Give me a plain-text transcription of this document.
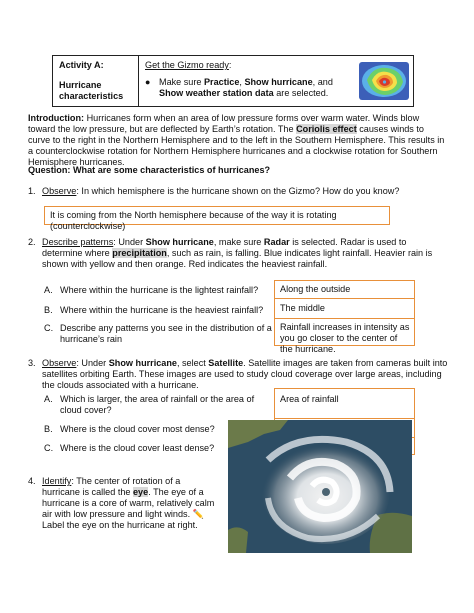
Activity A:
Hurricane characteristics
Get the Gizmo ready:
● Make sure Practice, Show hurricane, and Show weather station data are selected.
Introduction: Hurricanes form when an area of low pressure forms over warm water. Winds blow toward the low pressure, but are deflected by Earth’s rotation. The Coriolis effect causes winds to curve to the right in the Northern Hemisphere and to the left in the Southern Hemisphere. This results in a counterclockwise rotation for Northern Hemisphere hurricanes and a clockwise rotation for Southern Hemisphere hurricanes.
Question: What are some characteristics of hurricanes?
1. Observe: In which hemisphere is the hurricane shown on the Gizmo? How do you know?
It is coming from the North hemisphere because of the way it is rotating (counterclockwise)
2. Describe patterns: Under Show hurricane, make sure Radar is selected. Radar is used to determine where precipitation, such as rain, is falling. Blue indicates light rainfall. Heavier rain is shown with yellow and then orange. Red indicates the heaviest rainfall.
A. Where within the hurricane is the lightest rainfall?
B. Where within the hurricane is the heaviest rainfall?
C. Describe any patterns you see in the distribution of a hurricane’s rain
Along the outside
The middle
Rainfall increases in intensity as you go closer to the center of the hurricane.
3. Observe: Under Show hurricane, select Satellite. Satellite images are taken from cameras built into satellites orbiting Earth. These images are used to study cloud coverage over large areas, including the clouds associated with a hurricane.
A. Which is larger, the area of rainfall or the area of cloud cover?
B. Where is the cloud cover most dense?
C. Where is the cloud cover least dense?
Area of rainfall
4. Identify: The center of rotation of a hurricane is called the eye. The eye of a hurricane is a core of warm, relatively calm air with low pressure and light winds. ✏️ Label the eye on the hurricane at right.
